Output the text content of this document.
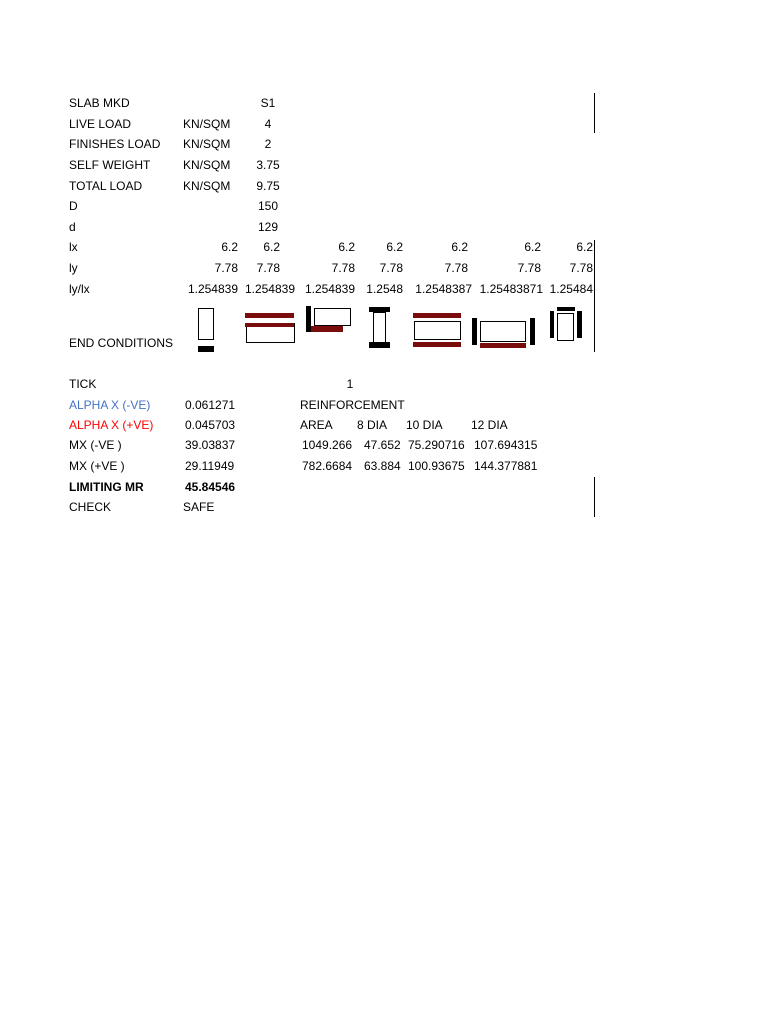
SLAB MKD	S1
LIVE LOAD	KN/SQM	4
FINISHES LOAD KN/SQM	2
SELF WEIGHT	KN/SQM 3.75
TOTAL LOAD	KN/SQM 9.75
D	150
d	129
lx	6.2	6.2	6.2	6.2	6.2	6.2	6.2
ly	7.78	7.78	7.78	7.78	7.78	7.78	7.78
ly/lx	1.254839 1.254839 1.254839 1.2548	1.2548387 1.25483871 1.25484
END CONDITIONS
TICK	1
ALPHA X (-VE)	0.061271	REINFORCEMENT
ALPHA X (+VE)	0.045703	AREA 8 DIA 10 DIA 12 DIA
MX (-VE )	39.03837	1049.266 47.652 75.290716 107.694315
MX (+VE )	29.11949	782.6684 63.884 100.93675 144.377881
LIMITING MR	45.84546
CHECK	SAFE
